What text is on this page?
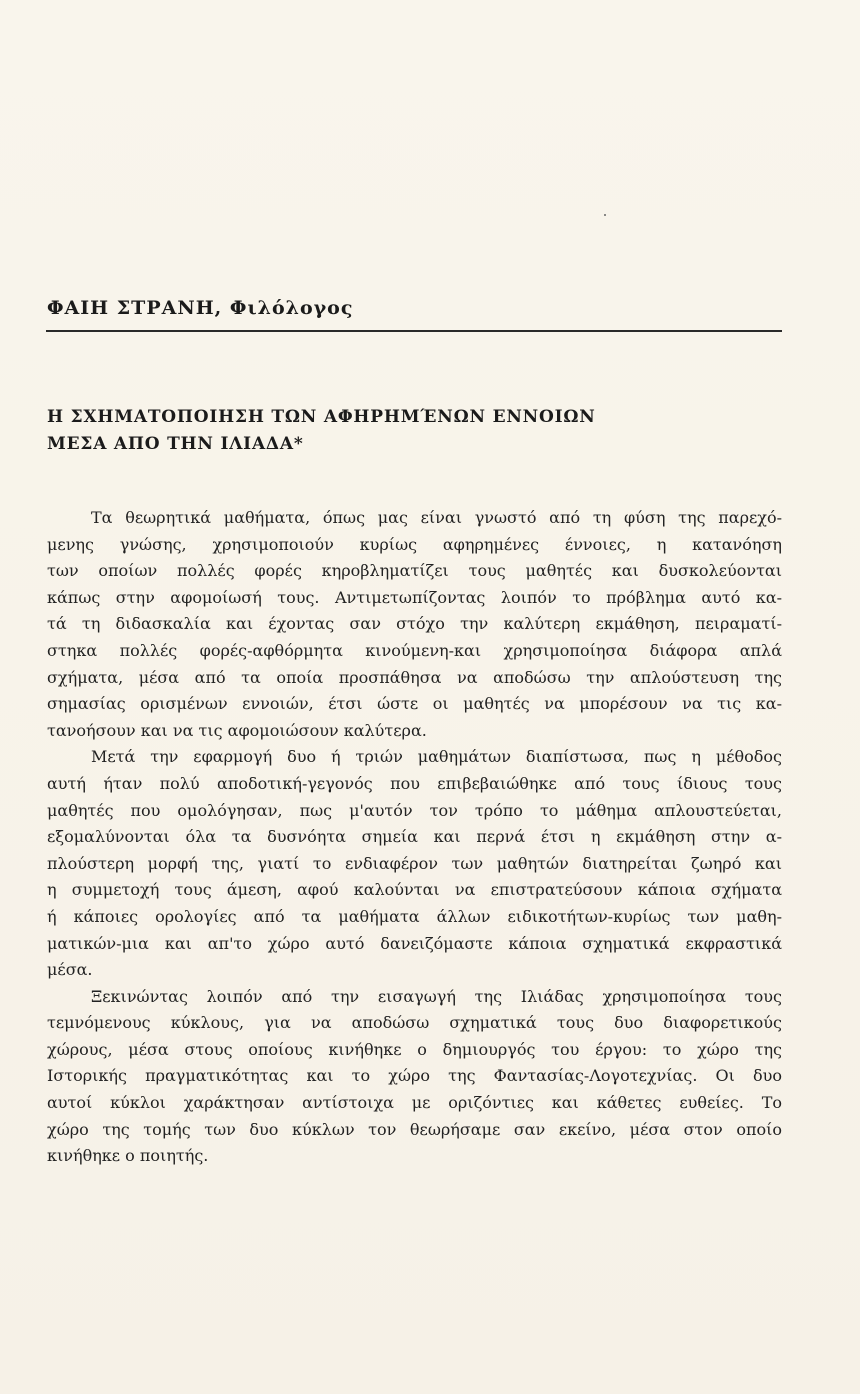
ΦΑΙΗ ΣΤΡΑΝΗ, Φιλόλογος
Η ΣΧΗΜΑΤΟΠΟΙΗΣΗ ΤΩΝ ΑΦΗΡΗΜΈΝΩΝ ΕΝΝΟΙΩΝ
ΜΕΣΑ ΑΠΟ ΤΗΝ ΙΛΙΑΔΑ*
Τα θεωρητικά μαθήματα, όπως μας είναι γνωστό από τη φύση της παρεχό-
μενης γνώσης, χρησιμοποιούν κυρίως αφηρημένες έννοιες, η κατανόηση
των οποίων πολλές φορές κηροβληματίζει τους μαθητές και δυσκολεύονται
κάπως στην αφομοίωσή τους. Αντιμετωπίζοντας λοιπόν το πρόβλημα αυτό κα-
τά τη διδασκαλία και έχοντας σαν στόχο την καλύτερη εκμάθηση, πειραματί-
στηκα πολλές φορές-αφθόρμητα κινούμενη-και χρησιμοποίησα διάφορα απλά
σχήματα, μέσα από τα οποία προσπάθησα να αποδώσω την απλούστευση της
σημασίας ορισμένων εννοιών, έτσι ώστε οι μαθητές να μπορέσουν να τις κα-
τανοήσουν και να τις αφομοιώσουν καλύτερα.
Μετά την εφαρμογή δυο ή τριών μαθημάτων διαπίστωσα, πως η μέθοδος
αυτή ήταν πολύ αποδοτική-γεγονός που επιβεβαιώθηκε από τους ίδιους τους
μαθητές που ομολόγησαν, πως μ'αυτόν τον τρόπο το μάθημα απλουστεύεται,
εξομαλύνονται όλα τα δυσνόητα σημεία και περνά έτσι η εκμάθηση στην α-
πλούστερη μορφή της, γιατί το ενδιαφέρον των μαθητών διατηρείται ζωηρό και
η συμμετοχή τους άμεση, αφού καλούνται να επιστρατεύσουν κάποια σχήματα
ή κάποιες ορολογίες από τα μαθήματα άλλων ειδικοτήτων-κυρίως των μαθη-
ματικών-μια και απ'το χώρο αυτό δανειζόμαστε κάποια σχηματικά εκφραστικά
μέσα.
Ξεκινώντας λοιπόν από την εισαγωγή της Ιλιάδας χρησιμοποίησα τους
τεμνόμενους κύκλους, για να αποδώσω σχηματικά τους δυο διαφορετικούς
χώρους, μέσα στους οποίους κινήθηκε ο δημιουργός του έργου: το χώρο της
Ιστορικής πραγματικότητας και το χώρο της Φαντασίας-Λογοτεχνίας. Οι δυο
αυτοί κύκλοι χαράκτησαν αντίστοιχα με οριζόντιες και κάθετες ευθείες. Το
χώρο της τομής των δυο κύκλων τον θεωρήσαμε σαν εκείνο, μέσα στον οποίο
κινήθηκε ο ποιητής.
